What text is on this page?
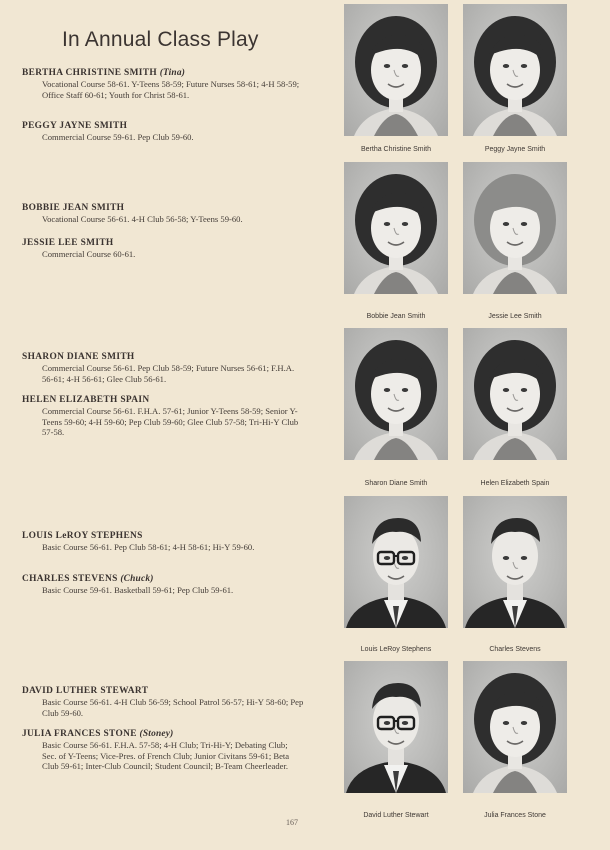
In Annual Class Play
BERTHA CHRISTINE SMITH (Tina)
Vocational Course 58-61. Y-Teens 58-59; Future Nurses 58-61; 4-H 58-59; Office Staff 60-61; Youth for Christ 58-61.
PEGGY JAYNE SMITH
Commercial Course 59-61. Pep Club 59-60.
BOBBIE JEAN SMITH
Vocational Course 56-61. 4-H Club 56-58; Y-Teens 59-60.
JESSIE LEE SMITH
Commercial Course 60-61.
SHARON DIANE SMITH
Commercial Course 56-61. Pep Club 58-59; Future Nurses 56-61; F.H.A. 56-61; 4-H 56-61; Glee Club 56-61.
HELEN ELIZABETH SPAIN
Commercial Course 56-61. F.H.A. 57-61; Junior Y-Teens 58-59; Senior Y-Teens 59-60; 4-H 59-60; Pep Club 59-60; Glee Club 57-58; Tri-Hi-Y Club 57-58.
LOUIS LeROY STEPHENS
Basic Course 56-61. Pep Club 58-61; 4-H 58-61; Hi-Y 59-60.
CHARLES STEVENS (Chuck)
Basic Course 59-61. Basketball 59-61; Pep Club 59-61.
DAVID LUTHER STEWART
Basic Course 56-61. 4-H Club 56-59; School Patrol 56-57; Hi-Y 58-60; Pep Club 59-60.
JULIA FRANCES STONE (Stoney)
Basic Course 56-61. F.H.A. 57-58; 4-H Club; Tri-Hi-Y; Debating Club; Sec. of Y-Teens; Vice-Pres. of French Club; Junior Civitans 59-61; Beta Club 59-61; Inter-Club Council; Student Council; B-Team Cheerleader.
Bertha Christine Smith	Peggy Jayne Smith
Bobbie Jean Smith	Jessie Lee Smith
Sharon Diane Smith	Helen Elizabeth Spain
Louis LeRoy Stephens	Charles Stevens
David Luther Stewart	Julia Frances Stone
167
